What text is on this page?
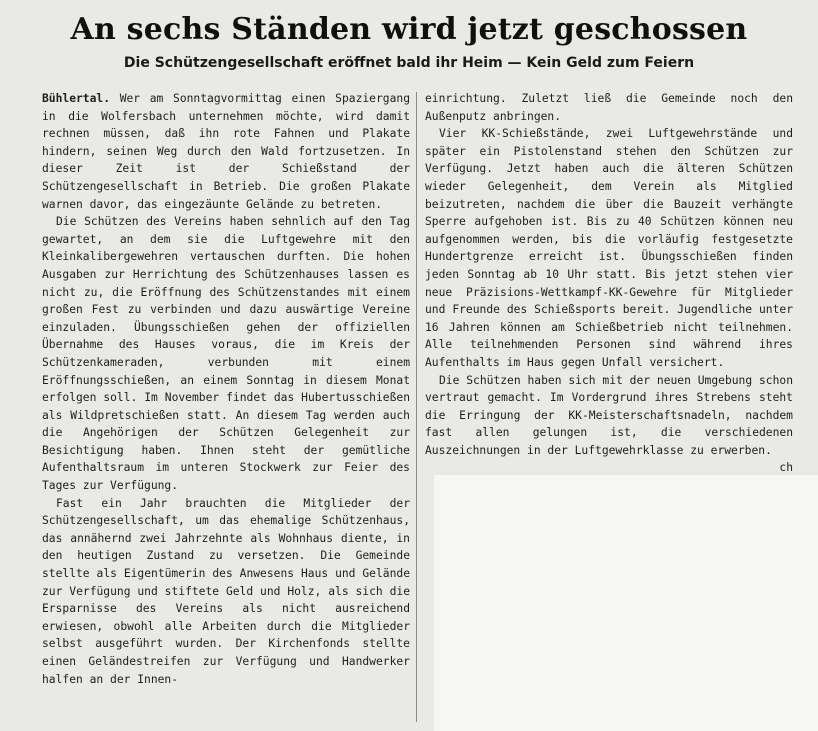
An sechs Ständen wird jetzt geschossen
Die Schützengesellschaft eröffnet bald ihr Heim — Kein Geld zum Feiern

Bühlertal. Wer am Sonntagvormittag einen Spaziergang in die Wolfersbach unternehmen möchte, wird damit rechnen müssen, daß ihn rote Fahnen und Plakate hindern, seinen Weg durch den Wald fortzusetzen. In dieser Zeit ist der Schießstand der Schützengesellschaft in Betrieb. Die großen Plakate warnen davor, das eingezäunte Gelände zu betreten.

Die Schützen des Vereins haben sehnlich auf den Tag gewartet, an dem sie die Luftgewehre mit den Kleinkalibergewehren vertauschen durften. Die hohen Ausgaben zur Herrichtung des Schützenhauses lassen es nicht zu, die Eröffnung des Schützenstandes mit einem großen Fest zu verbinden und dazu auswärtige Vereine einzuladen. Übungsschießen gehen der offiziellen Übernahme des Hauses voraus, die im Kreis der Schützenkameraden, verbunden mit einem Eröffnungsschießen, an einem Sonntag in diesem Monat erfolgen soll. Im November findet das Hubertusschießen als Wildpretschießen statt. An diesem Tag werden auch die Angehörigen der Schützen Gelegenheit zur Besichtigung haben. Ihnen steht der gemütliche Aufenthaltsraum im unteren Stockwerk zur Feier des Tages zur Verfügung.

Fast ein Jahr brauchten die Mitglieder der Schützengesellschaft, um das ehemalige Schützenhaus, das annähernd zwei Jahrzehnte als Wohnhaus diente, in den heutigen Zustand zu versetzen. Die Gemeinde stellte als Eigentümerin des Anwesens Haus und Gelände zur Verfügung und stiftete Geld und Holz, als sich die Ersparnisse des Vereins als nicht ausreichend erwiesen, obwohl alle Arbeiten durch die Mitglieder selbst ausgeführt wurden. Der Kirchenfonds stellte einen Geländestreifen zur Verfügung und Handwerker halfen an der Innen-

einrichtung. Zuletzt ließ die Gemeinde noch den Außenputz anbringen.

Vier KK-Schießstände, zwei Luftgewehrstände und später ein Pistolenstand stehen den Schützen zur Verfügung. Jetzt haben auch die älteren Schützen wieder Gelegenheit, dem Verein als Mitglied beizutreten, nachdem die über die Bauzeit verhängte Sperre aufgehoben ist. Bis zu 40 Schützen können neu aufgenommen werden, bis die vorläufig festgesetzte Hundertgrenze erreicht ist. Übungsschießen finden jeden Sonntag ab 10 Uhr statt. Bis jetzt stehen vier neue Präzisions-Wettkampf-KK-Gewehre für Mitglieder und Freunde des Schießsports bereit. Jugendliche unter 16 Jahren können am Schießbetrieb nicht teilnehmen. Alle teilnehmenden Personen sind während ihres Aufenthalts im Haus gegen Unfall versichert.

Die Schützen haben sich mit der neuen Umgebung schon vertraut gemacht. Im Vordergrund ihres Strebens steht die Erringung der KK-Meisterschaftsnadeln, nachdem fast allen gelungen ist, die verschiedenen Auszeichnungen in der Luftgewehrklasse zu erwerben.
ch
